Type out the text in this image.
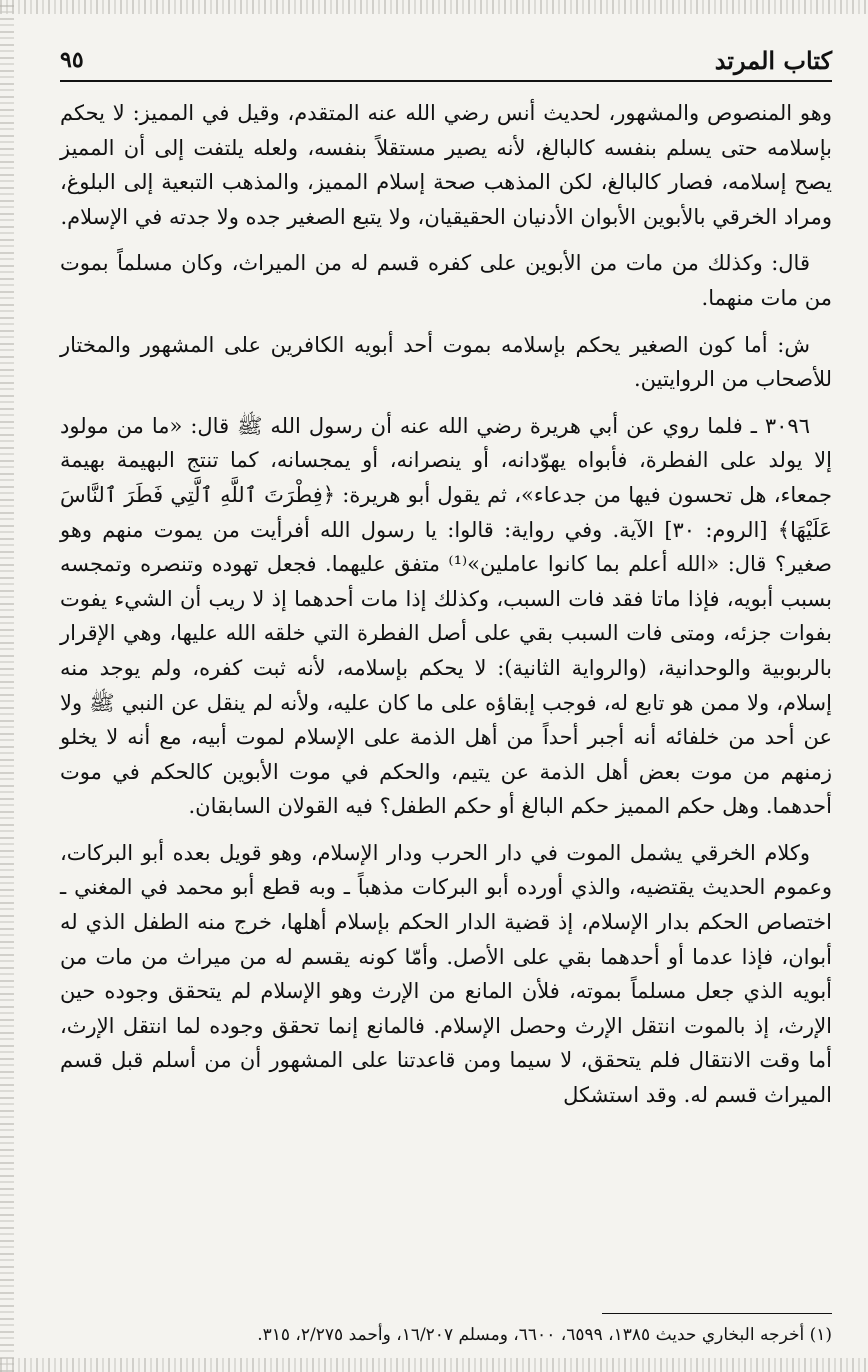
كتاب المرتد
٩٥

وهو المنصوص والمشهور، لحديث أنس رضي الله عنه المتقدم، وقيل في المميز: لا يحكم بإسلامه حتى يسلم بنفسه كالبالغ، لأنه يصير مستقلاً بنفسه، ولعله يلتفت إلى أن المميز يصح إسلامه، فصار كالبالغ، لكن المذهب صحة إسلام المميز، والمذهب التبعية إلى البلوغ، ومراد الخرقي بالأبوين الأبوان الأدنيان الحقيقيان، ولا يتبع الصغير جده ولا جدته في الإسلام.

قال: وكذلك من مات من الأبوين على كفره قسم له من الميراث، وكان مسلماً بموت من مات منهما.

ش: أما كون الصغير يحكم بإسلامه بموت أحد أبويه الكافرين على المشهور والمختار للأصحاب من الروايتين.

٣٠٩٦ ـ فلما روي عن أبي هريرة رضي الله عنه أن رسول الله ﷺ قال: «ما من مولود إلا يولد على الفطرة، فأبواه يهوّدانه، أو ينصرانه، أو يمجسانه، كما تنتج البهيمة بهيمة جمعاء، هل تحسون فيها من جدعاء»، ثم يقول أبو هريرة: ﴿فِطْرَتَ ٱللَّهِ ٱلَّتِي فَطَرَ ٱلنَّاسَ عَلَيْهَا﴾ [الروم: ٣٠] الآية. وفي رواية: قالوا: يا رسول الله أفرأيت من يموت منهم وهو صغير؟ قال: «الله أعلم بما كانوا عاملين»⁽¹⁾ متفق عليهما. فجعل تهوده وتنصره وتمجسه بسبب أبويه، فإذا ماتا فقد فات السبب، وكذلك إذا مات أحدهما إذ لا ريب أن الشيء يفوت بفوات جزئه، ومتى فات السبب بقي على أصل الفطرة التي خلقه الله عليها، وهي الإقرار بالربوبية والوحدانية، (والرواية الثانية): لا يحكم بإسلامه، لأنه ثبت كفره، ولم يوجد منه إسلام، ولا ممن هو تابع له، فوجب إبقاؤه على ما كان عليه، ولأنه لم ينقل عن النبي ﷺ ولا عن أحد من خلفائه أنه أجبر أحداً من أهل الذمة على الإسلام لموت أبيه، مع أنه لا يخلو زمنهم من موت بعض أهل الذمة عن يتيم، والحكم في موت الأبوين كالحكم في موت أحدهما. وهل حكم المميز حكم البالغ أو حكم الطفل؟ فيه القولان السابقان.

وكلام الخرقي يشمل الموت في دار الحرب ودار الإسلام، وهو قويل بعده أبو البركات، وعموم الحديث يقتضيه، والذي أورده أبو البركات مذهباً ـ وبه قطع أبو محمد في المغني ـ اختصاص الحكم بدار الإسلام، إذ قضية الدار الحكم بإسلام أهلها، خرج منه الطفل الذي له أبوان، فإذا عدما أو أحدهما بقي على الأصل. وأمّا كونه يقسم له من ميراث من مات من أبويه الذي جعل مسلماً بموته، فلأن المانع من الإرث وهو الإسلام لم يتحقق وجوده حين الإرث، إذ بالموت انتقل الإرث وحصل الإسلام. فالمانع إنما تحقق وجوده لما انتقل الإرث، أما وقت الانتقال فلم يتحقق، لا سيما ومن قاعدتنا على المشهور أن من أسلم قبل قسم الميراث قسم له. وقد استشكل

(١) أخرجه البخاري حديث ١٣٨٥، ٦٥٩٩، ٦٦٠٠، ومسلم ١٦/٢٠٧، وأحمد ٢/٢٧٥، ٣١٥.
